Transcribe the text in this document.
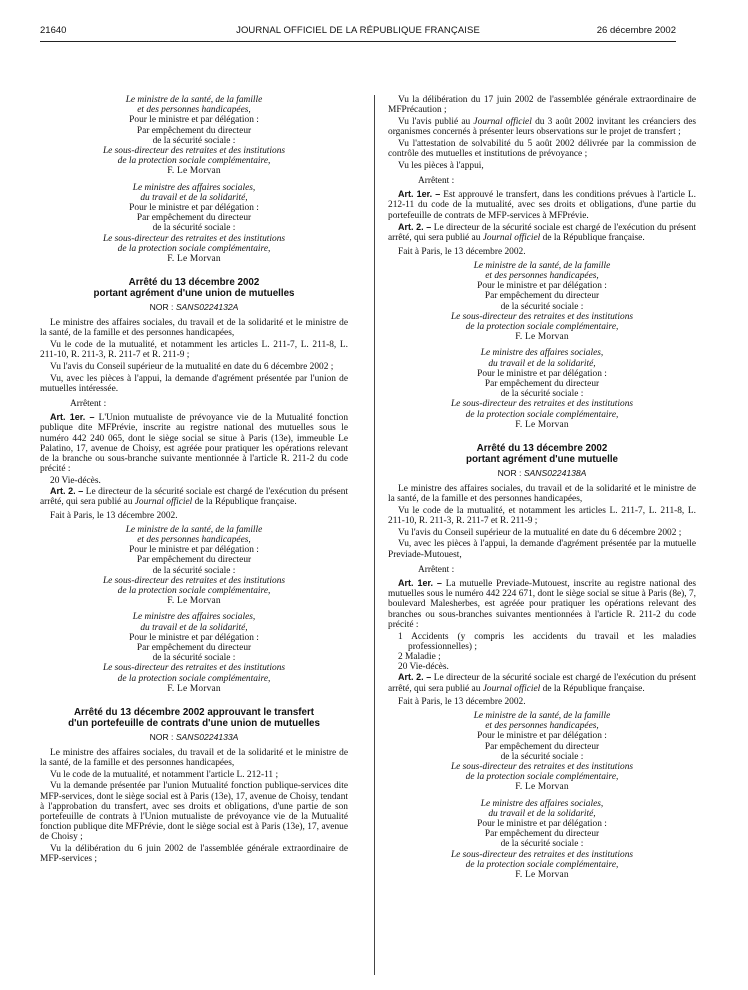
21640	JOURNAL OFFICIEL DE LA RÉPUBLIQUE FRANÇAISE	26 décembre 2002
Le ministre de la santé, de la famille
et des personnes handicapées,
Pour le ministre et par délégation :
Par empêchement du directeur
de la sécurité sociale :
Le sous-directeur des retraites et des institutions
de la protection sociale complémentaire,
F. Le Morvan
Le ministre des affaires sociales,
du travail et de la solidarité,
Pour le ministre et par délégation :
Par empêchement du directeur
de la sécurité sociale :
Le sous-directeur des retraites et des institutions
de la protection sociale complémentaire,
F. Le Morvan
Arrêté du 13 décembre 2002
portant agrément d'une union de mutuelles
NOR : SANS0224132A

Le ministre des affaires sociales, du travail et de la solidarité et le ministre de la santé, de la famille et des personnes handicapées,

Vu le code de la mutualité, et notamment les articles L. 211-7, L. 211-8, L. 211-10, R. 211-3, R. 211-7 et R. 211-9 ;

Vu l'avis du Conseil supérieur de la mutualité en date du 6 décembre 2002 ;

Vu, avec les pièces à l'appui, la demande d'agrément présentée par l'union de mutuelles intéressée.

Arrêtent :

Art. 1er. – L'Union mutualiste de prévoyance vie de la Mutualité fonction publique dite MFPrévie, inscrite au registre national des mutuelles sous le numéro 442 240 065, dont le siège social se situe à Paris (13e), immeuble Le Palatino, 17, avenue de Choisy, est agréée pour pratiquer les opérations relevant de la branche ou sous-branche suivante mentionnée à l'article R. 211-2 du code précité :

20 Vie-décès.

Art. 2. – Le directeur de la sécurité sociale est chargé de l'exécution du présent arrêté, qui sera publié au Journal officiel de la République française.

Fait à Paris, le 13 décembre 2002.

Le ministre de la santé, de la famille
et des personnes handicapées,
Pour le ministre et par délégation :
Par empêchement du directeur
de la sécurité sociale :
Le sous-directeur des retraites et des institutions
de la protection sociale complémentaire,
F. Le Morvan
Le ministre des affaires sociales,
du travail et de la solidarité,
Pour le ministre et par délégation :
Par empêchement du directeur
de la sécurité sociale :
Le sous-directeur des retraites et des institutions
de la protection sociale complémentaire,
F. Le Morvan
Arrêté du 13 décembre 2002 approuvant le transfert
d'un portefeuille de contrats d'une union de mutuelles
NOR : SANS0224133A

Le ministre des affaires sociales, du travail et de la solidarité et le ministre de la santé, de la famille et des personnes handicapées,

Vu le code de la mutualité, et notamment l'article L. 212-11 ;

Vu la demande présentée par l'union Mutualité fonction publique-services dite MFP-services, dont le siège social est à Paris (13e), 17, avenue de Choisy, tendant à l'approbation du transfert, avec ses droits et obligations, d'une partie de son portefeuille de contrats à l'Union mutualiste de prévoyance vie de la Mutualité fonction publique dite MFPrévie, dont le siège social est à Paris (13e), 17, avenue de Choisy ;

Vu la délibération du 6 juin 2002 de l'assemblée générale extraordinaire de MFP-services ;

Vu la délibération du 17 juin 2002 de l'assemblée générale extraordinaire de MFPrécaution ;

Vu l'avis publié au Journal officiel du 3 août 2002 invitant les créanciers des organismes concernés à présenter leurs observations sur le projet de transfert ;

Vu l'attestation de solvabilité du 5 août 2002 délivrée par la commission de contrôle des mutuelles et institutions de prévoyance ;

Vu les pièces à l'appui,

Arrêtent :

Art. 1er. – Est approuvé le transfert, dans les conditions prévues à l'article L. 212-11 du code de la mutualité, avec ses droits et obligations, d'une partie du portefeuille de contrats de MFP-services à MFPrévie.

Art. 2. – Le directeur de la sécurité sociale est chargé de l'exécution du présent arrêté, qui sera publié au Journal officiel de la République française.

Fait à Paris, le 13 décembre 2002.

Le ministre de la santé, de la famille
et des personnes handicapées,
Pour le ministre et par délégation :
Par empêchement du directeur
de la sécurité sociale :
Le sous-directeur des retraites et des institutions
de la protection sociale complémentaire,
F. Le Morvan
Le ministre des affaires sociales,
du travail et de la solidarité,
Pour le ministre et par délégation :
Par empêchement du directeur
de la sécurité sociale :
Le sous-directeur des retraites et des institutions
de la protection sociale complémentaire,
F. Le Morvan
Arrêté du 13 décembre 2002
portant agrément d'une mutuelle
NOR : SANS0224138A

Le ministre des affaires sociales, du travail et de la solidarité et le ministre de la santé, de la famille et des personnes handicapées,

Vu le code de la mutualité, et notamment les articles L. 211-7, L. 211-8, L. 211-10, R. 211-3, R. 211-7 et R. 211-9 ;

Vu l'avis du Conseil supérieur de la mutualité en date du 6 décembre 2002 ;

Vu, avec les pièces à l'appui, la demande d'agrément présentée par la mutuelle Previade-Mutouest,

Arrêtent :

Art. 1er. – La mutuelle Previade-Mutouest, inscrite au registre national des mutuelles sous le numéro 442 224 671, dont le siège social se situe à Paris (8e), 7, boulevard Malesherbes, est agréée pour pratiquer les opérations relevant des branches ou sous-branches suivantes mentionnées à l'article R. 211-2 du code précité :

1 Accidents (y compris les accidents du travail et les maladies professionnelles) ;

2 Maladie ;

20 Vie-décès.

Art. 2. – Le directeur de la sécurité sociale est chargé de l'exécution du présent arrêté, qui sera publié au Journal officiel de la République française.

Fait à Paris, le 13 décembre 2002.

Le ministre de la santé, de la famille
et des personnes handicapées,
Pour le ministre et par délégation :
Par empêchement du directeur
de la sécurité sociale :
Le sous-directeur des retraites et des institutions
de la protection sociale complémentaire,
F. Le Morvan
Le ministre des affaires sociales,
du travail et de la solidarité,
Pour le ministre et par délégation :
Par empêchement du directeur
de la sécurité sociale :
Le sous-directeur des retraites et des institutions
de la protection sociale complémentaire,
F. Le Morvan
